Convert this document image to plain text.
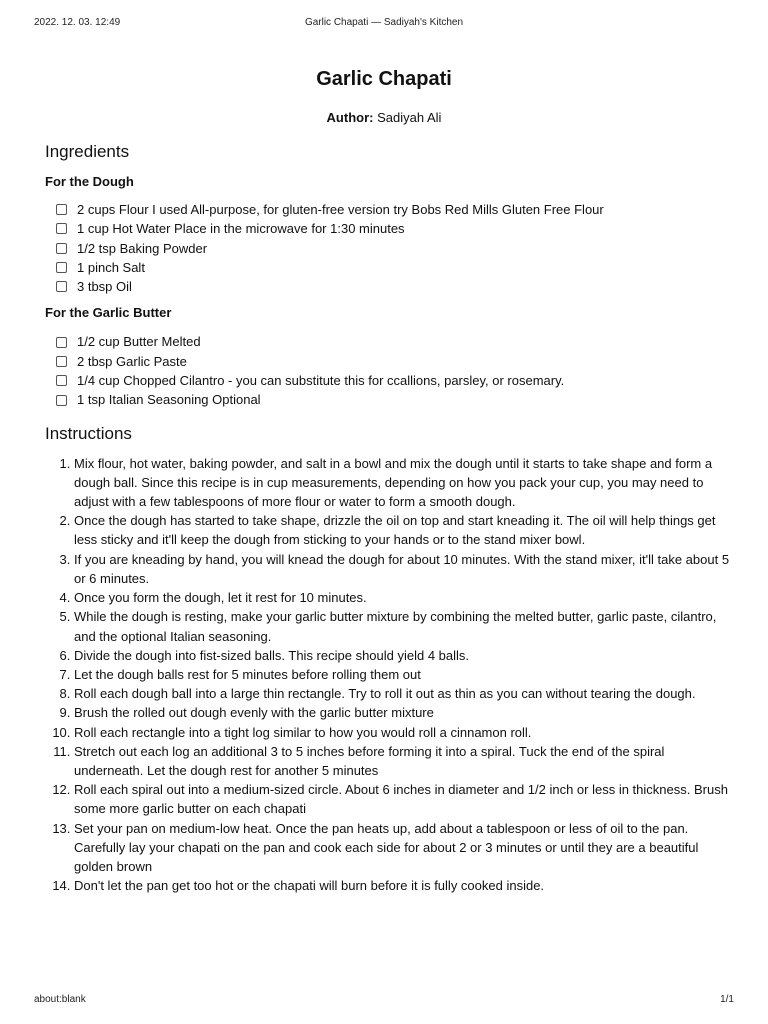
2022. 12. 03. 12:49	Garlic Chapati — Sadiyah's Kitchen
Garlic Chapati
Author: Sadiyah Ali
Ingredients
For the Dough
2 cups Flour I used All-purpose, for gluten-free version try Bobs Red Mills Gluten Free Flour
1 cup Hot Water Place in the microwave for 1:30 minutes
1/2 tsp Baking Powder
1 pinch Salt
3 tbsp Oil
For the Garlic Butter
1/2 cup Butter Melted
2 tbsp Garlic Paste
1/4 cup Chopped Cilantro - you can substitute this for ccallions, parsley, or rosemary.
1 tsp Italian Seasoning Optional
Instructions
1. Mix flour, hot water, baking powder, and salt in a bowl and mix the dough until it starts to take shape and form a dough ball. Since this recipe is in cup measurements, depending on how you pack your cup, you may need to adjust with a few tablespoons of more flour or water to form a smooth dough.
2. Once the dough has started to take shape, drizzle the oil on top and start kneading it. The oil will help things get less sticky and it'll keep the dough from sticking to your hands or to the stand mixer bowl.
3. If you are kneading by hand, you will knead the dough for about 10 minutes. With the stand mixer, it'll take about 5 or 6 minutes.
4. Once you form the dough, let it rest for 10 minutes.
5. While the dough is resting, make your garlic butter mixture by combining the melted butter, garlic paste, cilantro, and the optional Italian seasoning.
6. Divide the dough into fist-sized balls. This recipe should yield 4 balls.
7. Let the dough balls rest for 5 minutes before rolling them out
8. Roll each dough ball into a large thin rectangle. Try to roll it out as thin as you can without tearing the dough.
9. Brush the rolled out dough evenly with the garlic butter mixture
10. Roll each rectangle into a tight log similar to how you would roll a cinnamon roll.
11. Stretch out each log an additional 3 to 5 inches before forming it into a spiral. Tuck the end of the spiral underneath. Let the dough rest for another 5 minutes
12. Roll each spiral out into a medium-sized circle. About 6 inches in diameter and 1/2 inch or less in thickness. Brush some more garlic butter on each chapati
13. Set your pan on medium-low heat. Once the pan heats up, add about a tablespoon or less of oil to the pan. Carefully lay your chapati on the pan and cook each side for about 2 or 3 minutes or until they are a beautiful golden brown
14. Don't let the pan get too hot or the chapati will burn before it is fully cooked inside.
about:blank	1/1
